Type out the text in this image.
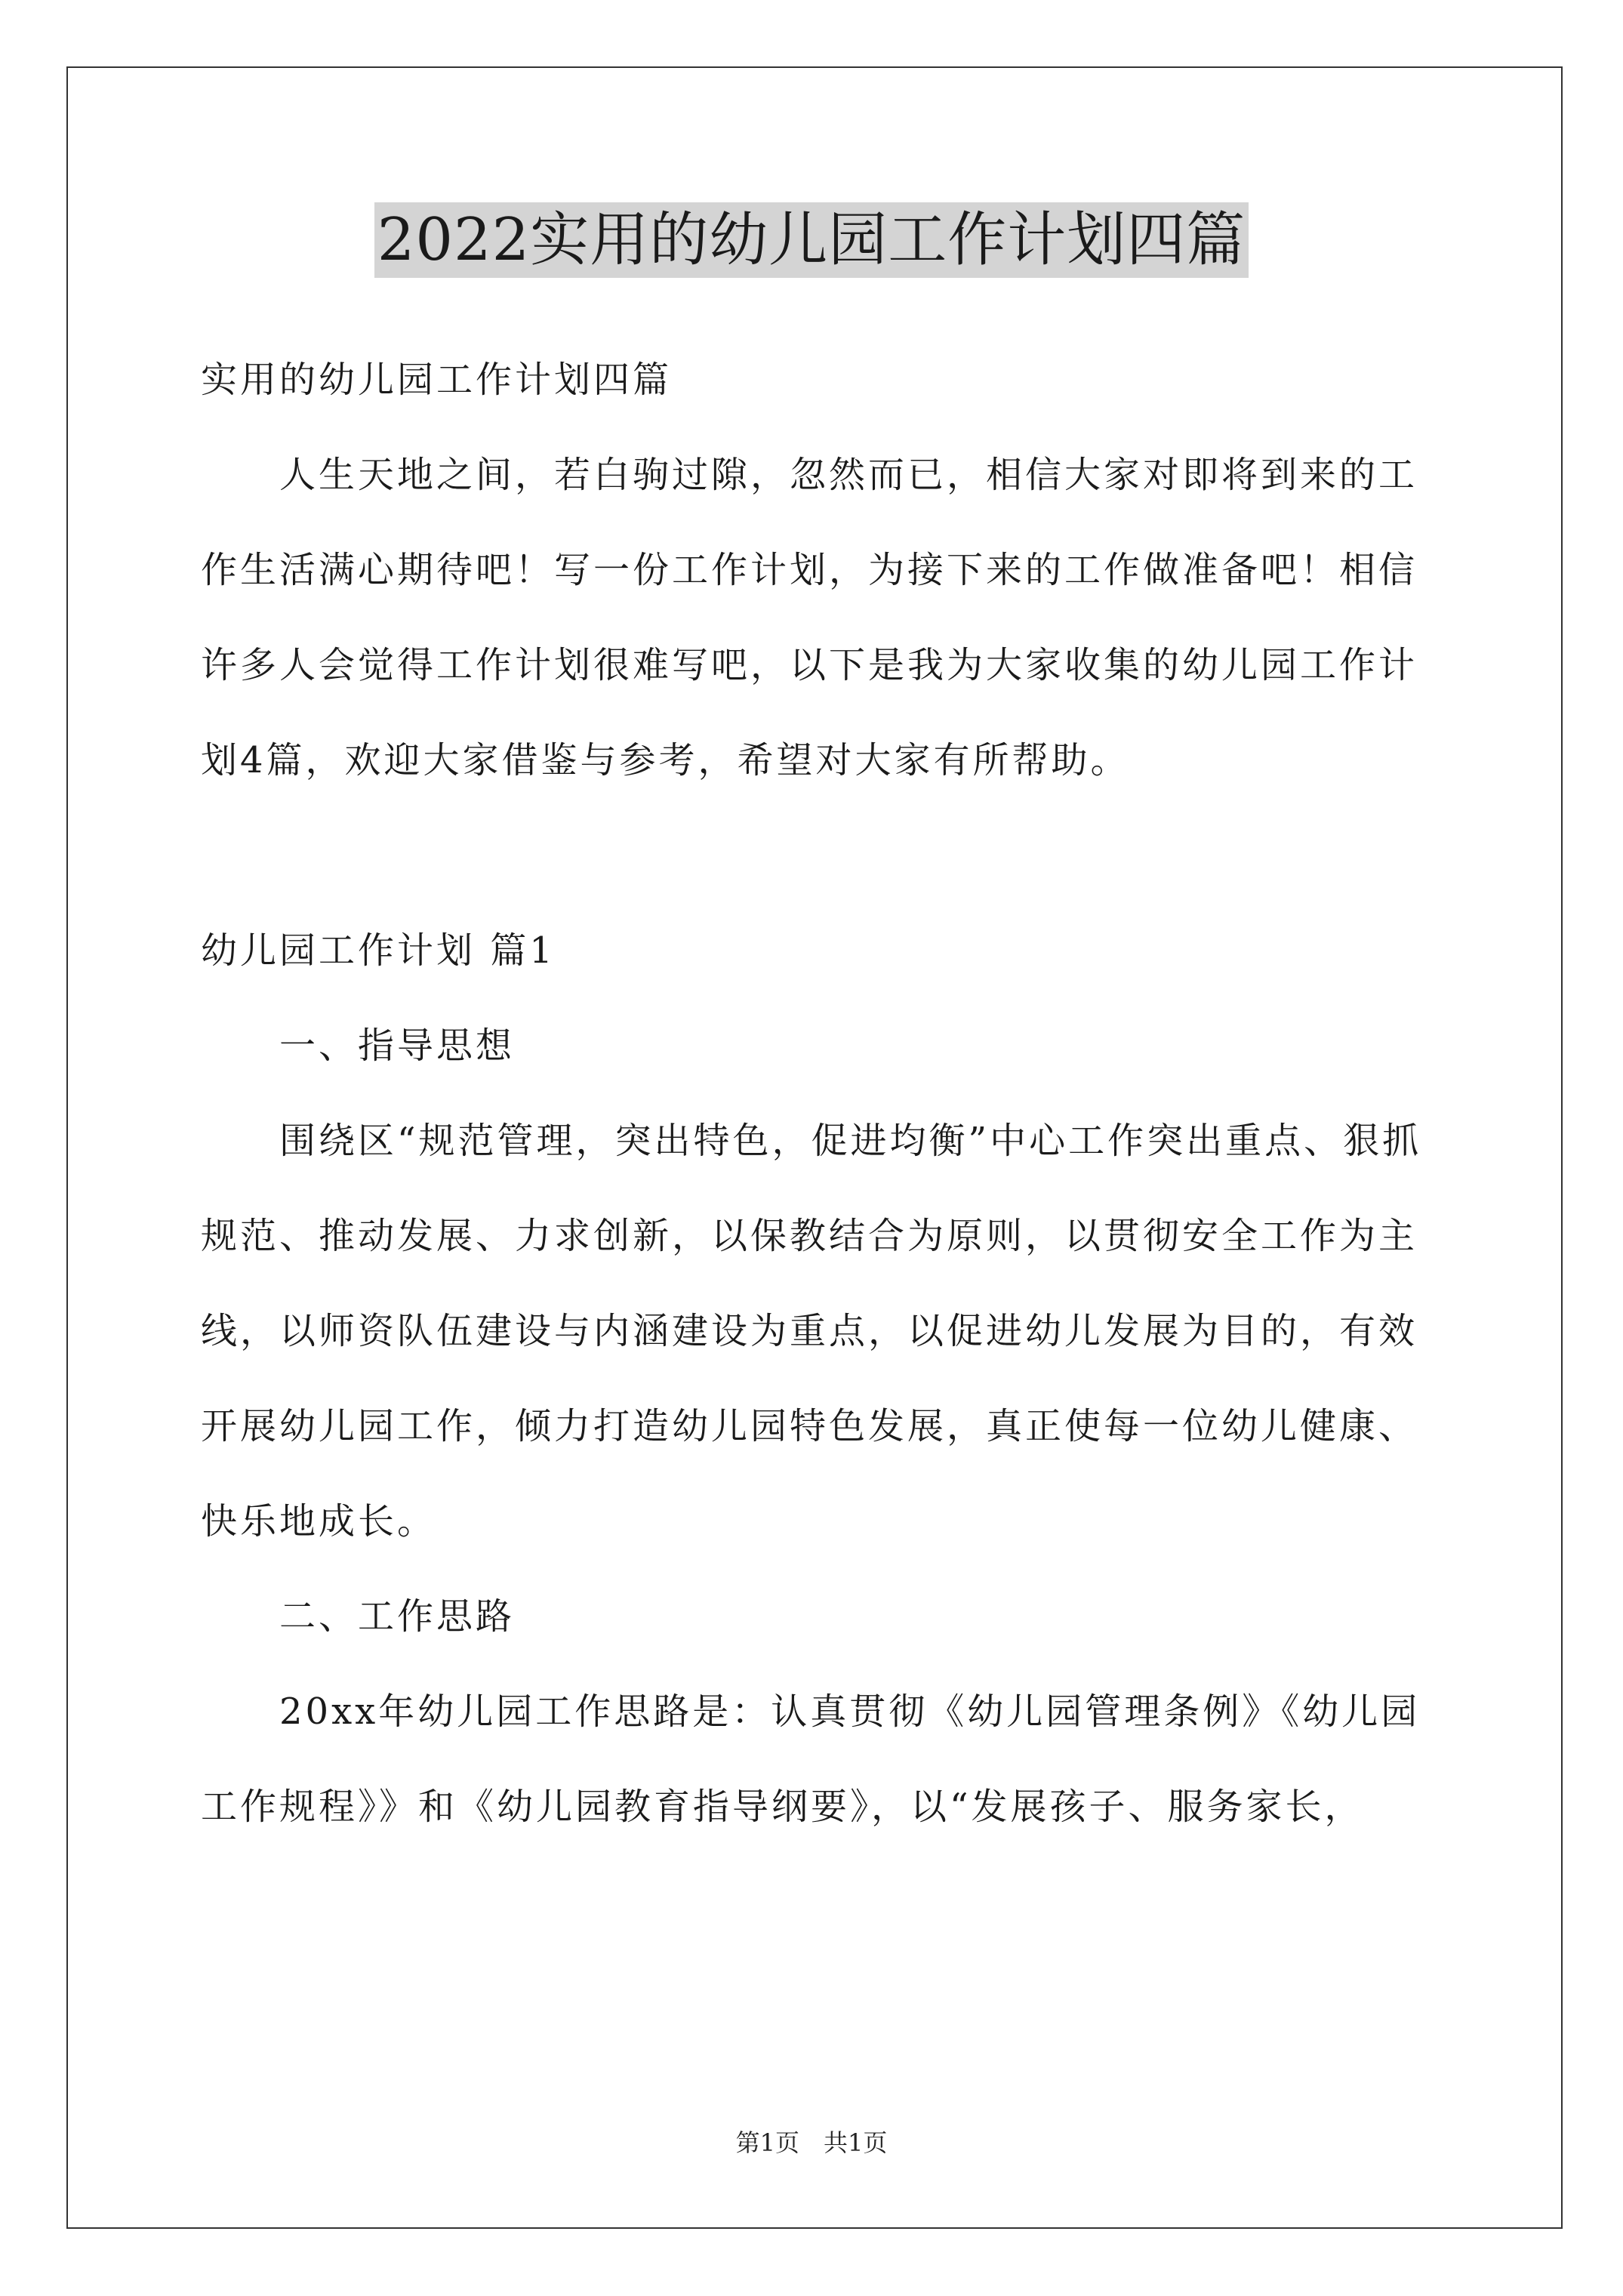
2022实用的幼儿园工作计划四篇

实用的幼儿园工作计划四篇

人生天地之间，若白驹过隙，忽然而已，相信大家对即将到来的工作生活满心期待吧！写一份工作计划，为接下来的工作做准备吧！相信许多人会觉得工作计划很难写吧，以下是我为大家收集的幼儿园工作计划4篇，欢迎大家借鉴与参考，希望对大家有所帮助。

幼儿园工作计划 篇1

一、指导思想

围绕区“规范管理，突出特色，促进均衡”中心工作突出重点、狠抓规范、推动发展、力求创新，以保教结合为原则，以贯彻安全工作为主线，以师资队伍建设与内涵建设为重点，以促进幼儿发展为目的，有效开展幼儿园工作，倾力打造幼儿园特色发展，真正使每一位幼儿健康、快乐地成长。

二、工作思路

20xx年幼儿园工作思路是：认真贯彻《幼儿园管理条例》《幼儿园工作规程》》和《幼儿园教育指导纲要》，以“发展孩子、服务家长，

第1页　共1页
